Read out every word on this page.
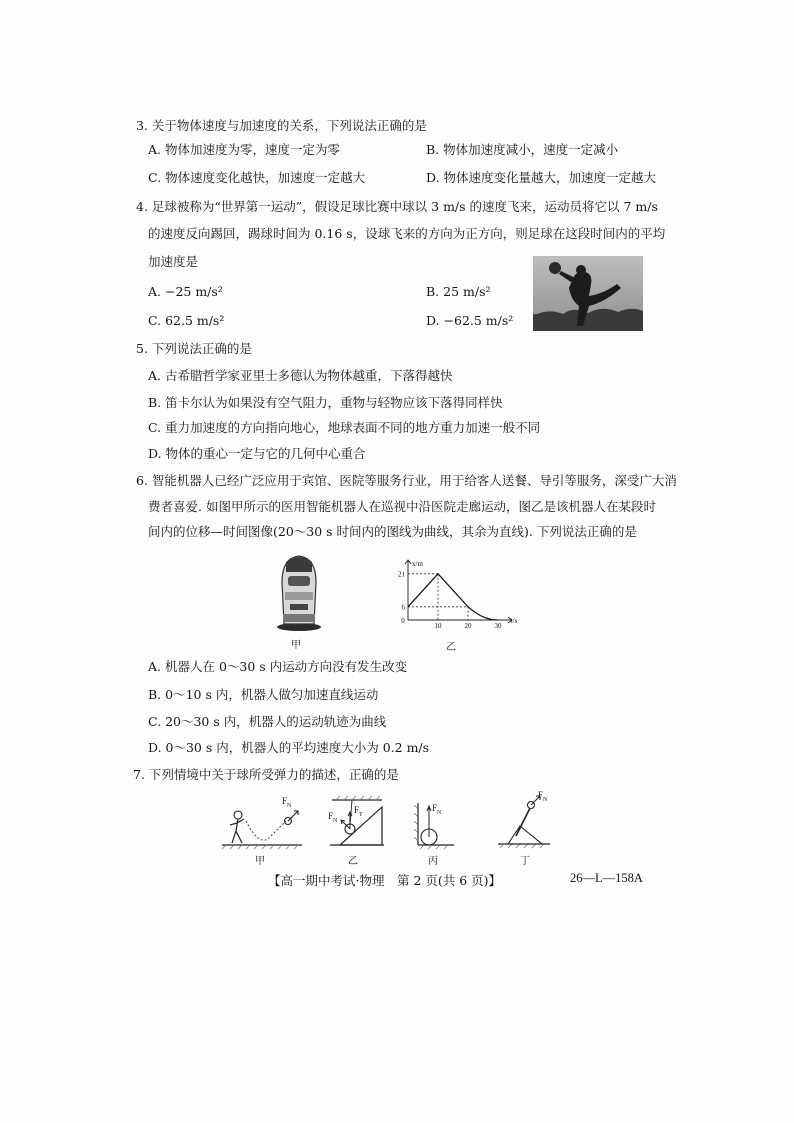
3. 关于物体速度与加速度的关系，下列说法正确的是
A. 物体加速度为零，速度一定为零	B. 物体加速度减小，速度一定减小
C. 物体速度变化越快，加速度一定越大	D. 物体速度变化量越大，加速度一定越大
4. 足球被称为“世界第一运动”，假设足球比赛中球以 3 m/s 的速度飞来，运动员将它以 7 m/s
的速度反向踢回，踢球时间为 0.16 s，设球飞来的方向为正方向，则足球在这段时间内的平均
加速度是
A. −25 m/s²	B. 25 m/s²
C. 62.5 m/s²	D. −62.5 m/s²
5. 下列说法正确的是
A. 古希腊哲学家亚里士多德认为物体越重，下落得越快
B. 笛卡尔认为如果没有空气阻力，重物与轻物应该下落得同样快
C. 重力加速度的方向指向地心，地球表面不同的地方重力加速一般不同
D. 物体的重心一定与它的几何中心重合
6. 智能机器人已经广泛应用于宾馆、医院等服务行业，用于给客人送餐、导引等服务，深受广大消
费者喜爱. 如图甲所示的医用智能机器人在巡视中沿医院走廊运动，图乙是该机器人在某段时
间内的位移—时间图像(20～30 s 时间内的图线为曲线，其余为直线). 下列说法正确的是
甲
0
10	20	30
6
21
t/s
x/m
乙
A. 机器人在 0～30 s 内运动方向没有发生改变
B. 0～10 s 内，机器人做匀加速直线运动
C. 20～30 s 内，机器人的运动轨迹为曲线
D. 0～30 s 内，机器人的平均速度大小为 0.2 m/s
7. 下列情境中关于球所受弹力的描述，正确的是
$F_N$
甲
$F_T$
$F_N$
乙
$F_N$
丙
$F_N$
丁
【高一期中考试·物理　第 2 页(共 6 页)】	26—L—158A
